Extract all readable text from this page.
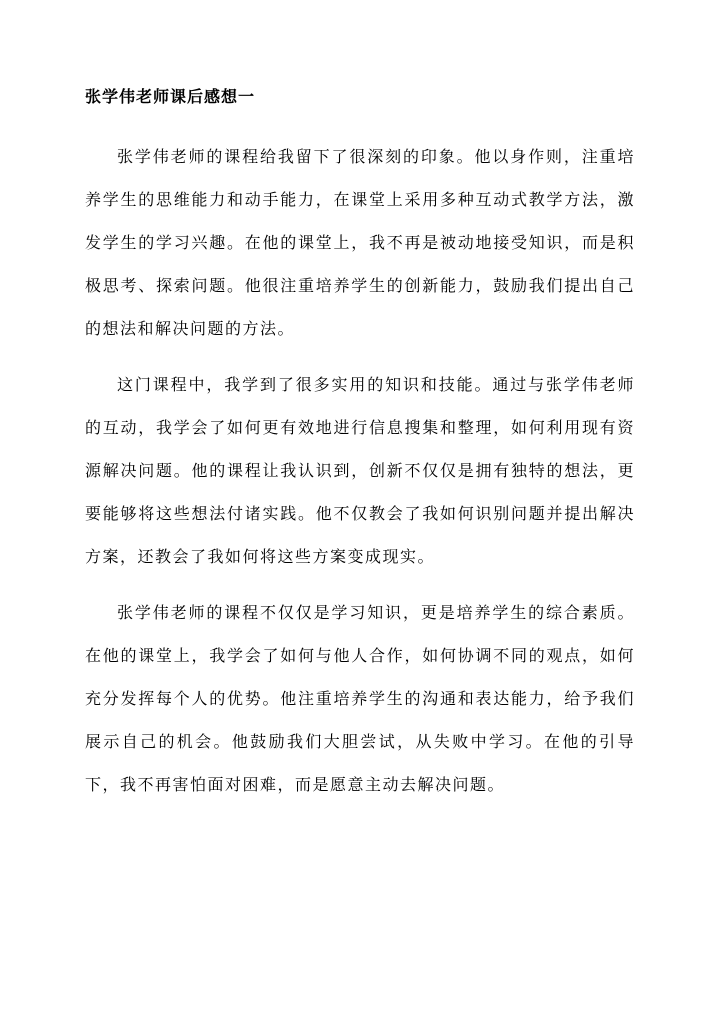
张学伟老师课后感想一

张学伟老师的课程给我留下了很深刻的印象。他以身作则，注重培养学生的思维能力和动手能力，在课堂上采用多种互动式教学方法，激发学生的学习兴趣。在他的课堂上，我不再是被动地接受知识，而是积极思考、探索问题。他很注重培养学生的创新能力，鼓励我们提出自己的想法和解决问题的方法。

这门课程中，我学到了很多实用的知识和技能。通过与张学伟老师的互动，我学会了如何更有效地进行信息搜集和整理，如何利用现有资源解决问题。他的课程让我认识到，创新不仅仅是拥有独特的想法，更要能够将这些想法付诸实践。他不仅教会了我如何识别问题并提出解决方案，还教会了我如何将这些方案变成现实。

张学伟老师的课程不仅仅是学习知识，更是培养学生的综合素质。在他的课堂上，我学会了如何与他人合作，如何协调不同的观点，如何充分发挥每个人的优势。他注重培养学生的沟通和表达能力，给予我们展示自己的机会。他鼓励我们大胆尝试，从失败中学习。在他的引导下，我不再害怕面对困难，而是愿意主动去解决问题。
